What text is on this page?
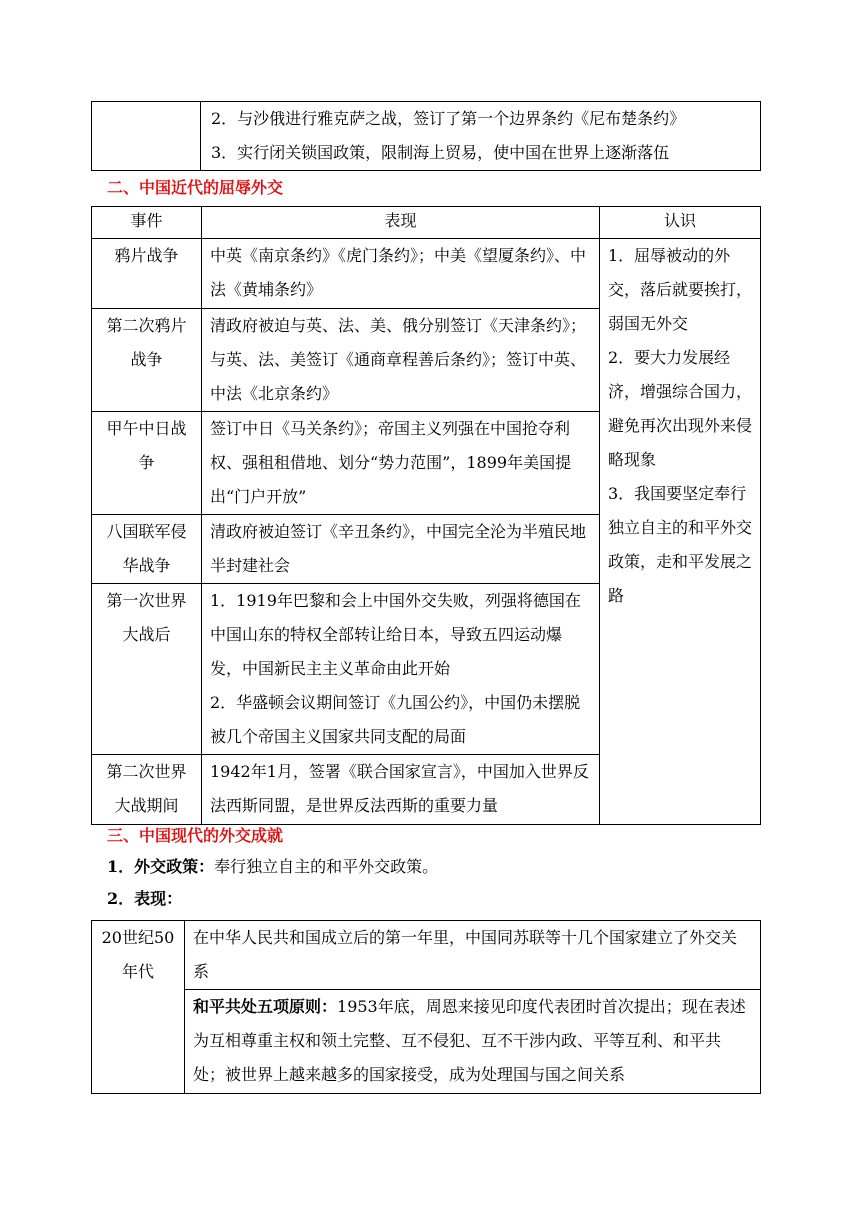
2．与沙俄进行雅克萨之战，签订了第一个边界条约《尼布楚条约》
3．实行闭关锁国政策，限制海上贸易，使中国在世界上逐渐落伍
二、中国近代的屈辱外交
事件	表现	认识
鸦片战争	中英《南京条约》《虎门条约》；中美《望厦条约》、中法《黄埔条约》	1．屈辱被动的外交，落后就要挨打，弱国无外交
2．要大力发展经济，增强综合国力，避免再次出现外来侵略现象
3．我国要坚定奉行独立自主的和平外交政策，走和平发展之路

第二次鸦片战争	清政府被迫与英、法、美、俄分别签订《天津条约》；与英、法、美签订《通商章程善后条约》；签订中英、中法《北京条约》	
甲午中日战争	签订中日《马关条约》；帝国主义列强在中国抢夺利权、强租租借地、划分“势力范围”，1899年美国提出“门户开放”	
八国联军侵华战争	清政府被迫签订《辛丑条约》，中国完全沦为半殖民地半封建社会	
第一次世界大战后	1．1919年巴黎和会上中国外交失败，列强将德国在中国山东的特权全部转让给日本，导致五四运动爆发，中国新民主主义革命由此开始
2．华盛顿会议期间签订《九国公约》，中国仍未摆脱被几个帝国主义国家共同支配的局面	

第二次世界大战期间	1942年1月，签署《联合国家宣言》，中国加入世界反法西斯同盟，是世界反法西斯的重要力量	
三、中国现代的外交成就
1．外交政策：奉行独立自主的和平外交政策。
2．表现：
20世纪50年代	在中华人民共和国成立后的第一年里，中国同苏联等十几个国家建立了外交关系
和平共处五项原则：1953年底，周恩来接见印度代表团时首次提出；现在表述为互相尊重主权和领土完整、互不侵犯、互不干涉内政、平等互利、和平共处；被世界上越来越多的国家接受，成为处理国与国之间关系
